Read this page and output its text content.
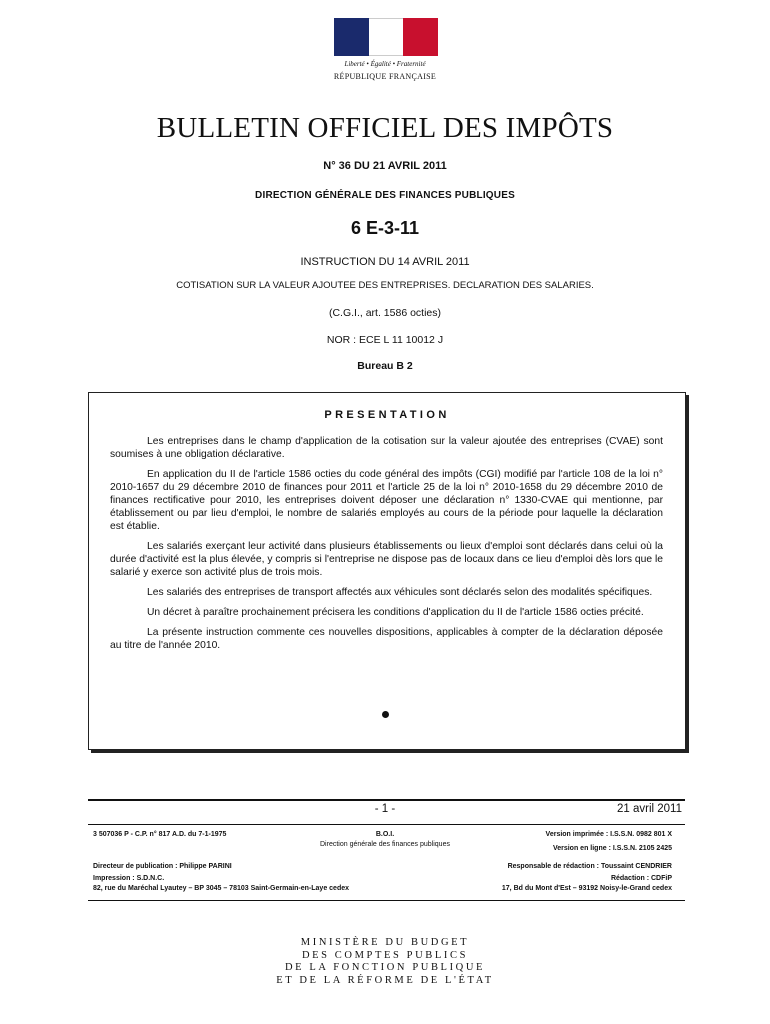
Liberté • Égalité • Fraternité
RÉPUBLIQUE FRANÇAISE
BULLETIN OFFICIEL DES IMPÔTS
N° 36 DU 21 AVRIL 2011
DIRECTION GÉNÉRALE DES FINANCES PUBLIQUES
6 E-3-11
INSTRUCTION DU 14 AVRIL 2011
COTISATION SUR LA VALEUR AJOUTEE DES ENTREPRISES. DECLARATION DES SALARIES.
(C.G.I., art. 1586 octies)
NOR : ECE L 11 10012 J
Bureau B 2
PRESENTATION

Les entreprises dans le champ d'application de la cotisation sur la valeur ajoutée des entreprises (CVAE) sont soumises à une obligation déclarative.

En application du II de l'article 1586 octies du code général des impôts (CGI) modifié par l'article 108 de la loi n° 2010-1657 du 29 décembre 2010 de finances pour 2011 et l'article 25 de la loi n° 2010-1658 du 29 décembre 2010 de finances rectificative pour 2010, les entreprises doivent déposer une déclaration n° 1330-CVAE qui mentionne, par établissement ou par lieu d'emploi, le nombre de salariés employés au cours de la période pour laquelle la déclaration est établie.

Les salariés exerçant leur activité dans plusieurs établissements ou lieux d'emploi sont déclarés dans celui où la durée d'activité est la plus élevée, y compris si l'entreprise ne dispose pas de locaux dans ce lieu d'emploi dès lors que le salarié y exerce son activité plus de trois mois.

Les salariés des entreprises de transport affectés aux véhicules sont déclarés selon des modalités spécifiques.

Un décret à paraître prochainement précisera les conditions d'application du II de l'article 1586 octies précité.

La présente instruction commente ces nouvelles dispositions, applicables à compter de la déclaration déposée au titre de l'année 2010.

- 1 -	21 avril 2011
3 507036 P - C.P. n° 817 A.D. du 7-1-1975	B.O.I.
Direction générale des finances publiques
Version imprimée : I.S.S.N. 0982 801 X
Version en ligne : I.S.S.N. 2105 2425
Directeur de publication : Philippe PARINI
Impression : S.D.N.C.
82, rue du Maréchal Lyautey – BP 3045 – 78103 Saint-Germain-en-Laye cedex
Responsable de rédaction : Toussaint CENDRIER
Rédaction : CDFiP
17, Bd du Mont d'Est – 93192 Noisy-le-Grand cedex
MINISTÈRE DU BUDGET
DES COMPTES PUBLICS
DE LA FONCTION PUBLIQUE
ET DE LA RÉFORME DE L'ÉTAT
